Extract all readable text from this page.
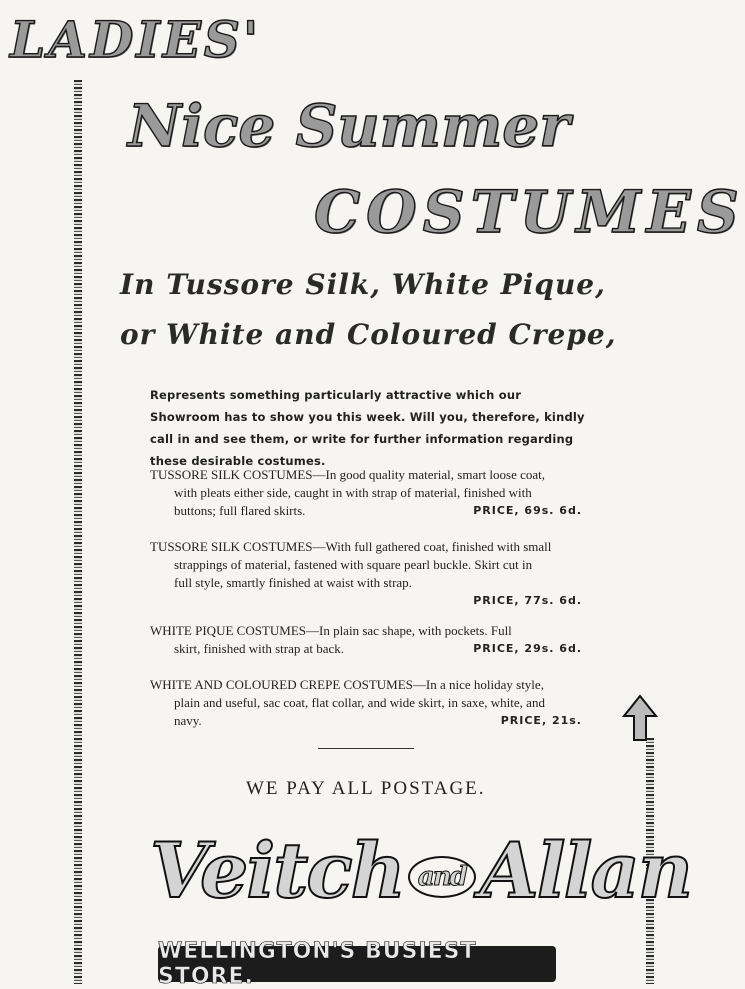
LADIES'
Nice Summer
COSTUMES
In Tussore Silk, White Pique,
or White and Coloured Crepe,
Represents something particularly attractive which our Showroom has to show you this week. Will you, therefore, kindly call in and see them, or write for further information regarding these desirable costumes.
TUSSORE SILK COSTUMES—In good quality material, smart loose coat,
with pleats either side, caught in with strap of material, finished with
buttons; full flared skirts.	PRICE, 69s. 6d.
TUSSORE SILK COSTUMES—With full gathered coat, finished with small
strappings of material, fastened with square pearl buckle. Skirt cut in
full style, smartly finished at waist with strap.
PRICE, 77s. 6d.
WHITE PIQUE COSTUMES—In plain sac shape, with pockets. Full
skirt, finished with strap at back.	PRICE, 29s. 6d.
WHITE AND COLOURED CREPE COSTUMES—In a nice holiday style,
plain and useful, sac coat, flat collar, and wide skirt, in saxe, white, and
navy.	PRICE, 21s.
WE PAY ALL POSTAGE.
Veitch and Allan
WELLINGTON'S BUSIEST STORE.
